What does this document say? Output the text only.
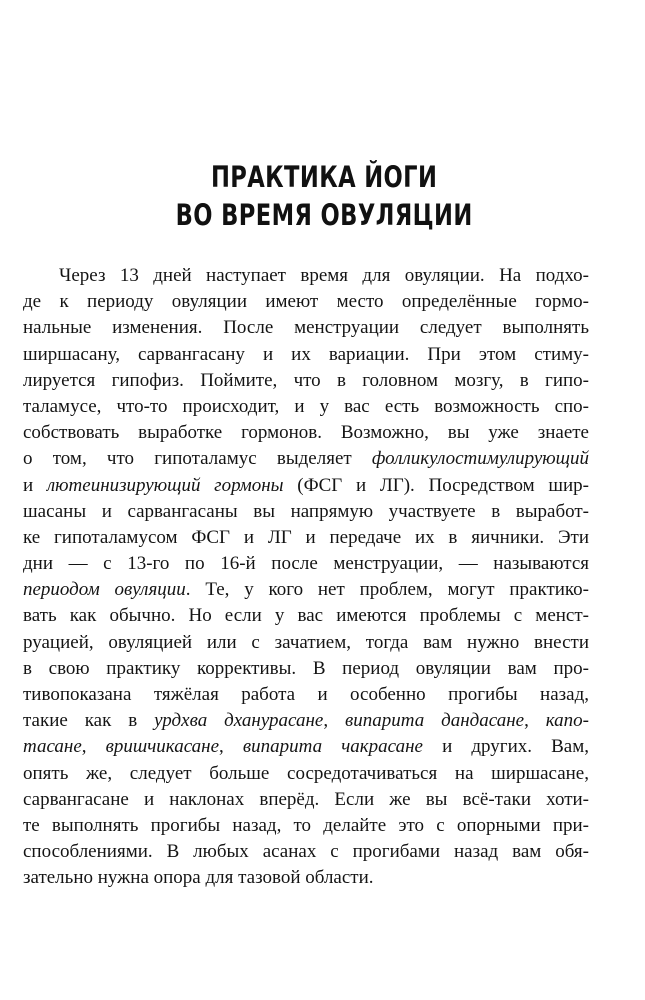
ПРАКТИКА ЙОГИ
ВО ВРЕМЯ ОВУЛЯЦИИ
Через 13 дней наступает время для овуляции. На подхо-
де к периоду овуляции имеют место определённые гормо-
нальные изменения. После менструации следует выполнять
ширшасану, сарвангасану и их вариации. При этом стиму-
лируется гипофиз. Поймите, что в головном мозгу, в гипо-
таламусе, что-то происходит, и у вас есть возможность спо-
собствовать выработке гормонов. Возможно, вы уже знаете
о том, что гипоталамус выделяет фолликулостимулирующий
и лютеинизирующий гормоны (ФСГ и ЛГ). Посредством шир-
шасаны и сарвангасаны вы напрямую участвуете в выработ-
ке гипоталамусом ФСГ и ЛГ и передаче их в яичники. Эти
дни — с 13-го по 16-й после менструации, — называются
периодом овуляции. Те, у кого нет проблем, могут практико-
вать как обычно. Но если у вас имеются проблемы с менст-
руацией, овуляцией или с зачатием, тогда вам нужно внести
в свою практику коррективы. В период овуляции вам про-
тивопоказана тяжёлая работа и особенно прогибы назад,
такие как в урдхва дханурасане, випарита дандасане, капо-
тасане, вришчикасане, випарита чакрасане и других. Вам,
опять же, следует больше сосредотачиваться на ширшасане,
сарвангасане и наклонах вперёд. Если же вы всё-таки хоти-
те выполнять прогибы назад, то делайте это с опорными при-
способлениями. В любых асанах с прогибами назад вам обя-
зательно нужна опора для тазовой области.
